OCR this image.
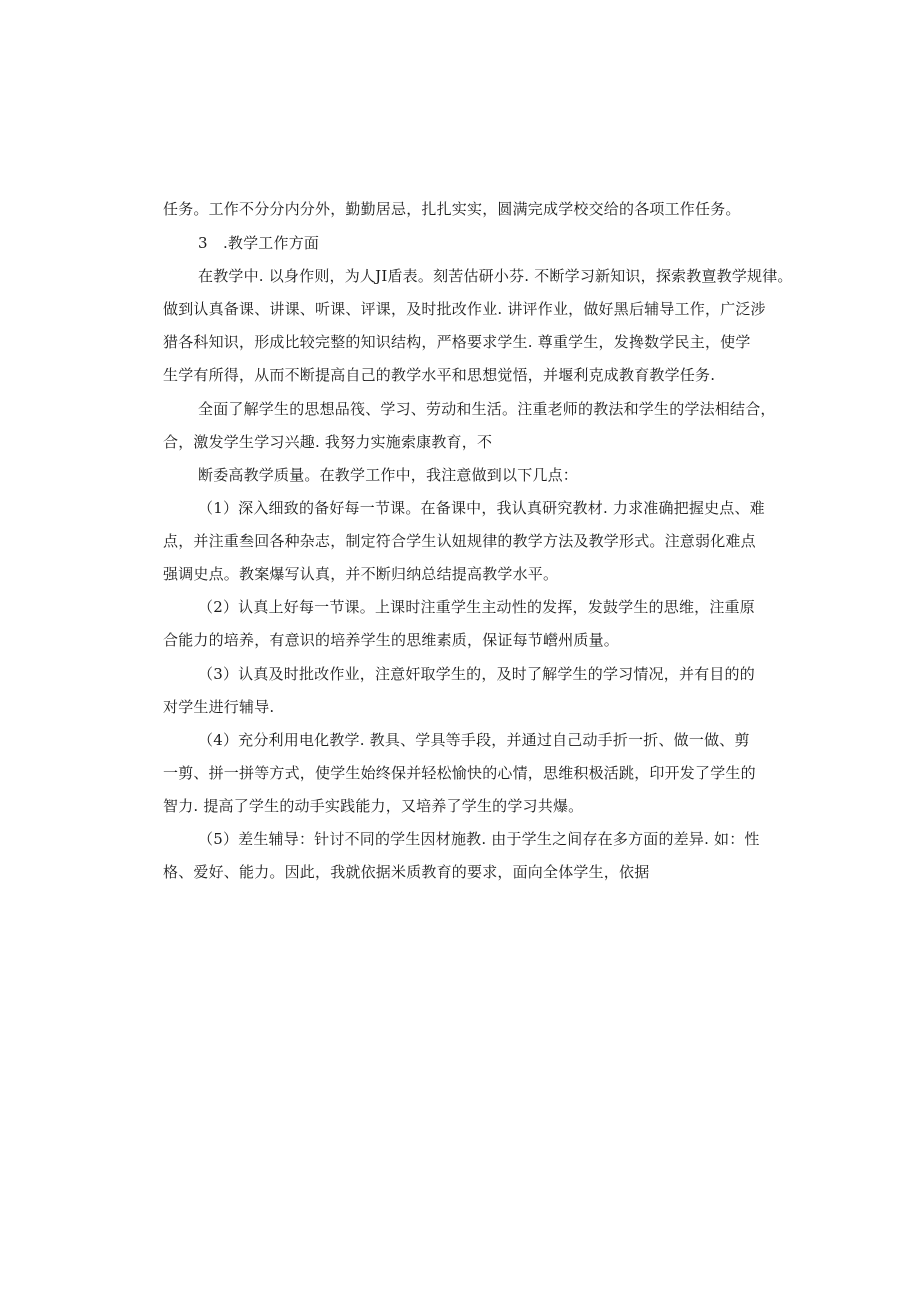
任务。工作不分分内分外，勤勤居忌，扎扎实实，圆满完成学校交给的各项工作任务。
3　.教学工作方面
在教学中. 以身作则，为人JI盾表。刻苦估研小芬. 不断学习新知识，探索教亶教学规律。
做到认真备课、讲课、听课、评课，及时批改作业. 讲评作业，做好黑后辅导工作，广泛涉
猎各科知识，形成比较完整的知识结构，严格要求学生. 尊重学生，发搀数学民主，使学
生学有所得，从而不断提高自己的教学水平和思想觉悟，并堰利克成教育教学任务.
全面了解学生的思想品筏、学习、劳动和生活。注重老师的教法和学生的学法相结合，
合，激发学生学习兴趣. 我努力实施索康教育，不
断委高教学质量。在教学工作中，我注意做到以下几点：
（1）深入细致的备好每一节课。在备课中，我认真研究教材. 力求准确把握史点、难
点，并注重叁回各种杂志，制定符合学生认妞规律的教学方法及教学形式。注意弱化难点
强调史点。教案爆写认真，并不断归纳总结提高教学水平。
（2）认真上好每一节课。上课时注重学生主动性的发挥，发鼓学生的思维，注重原
合能力的培养，有意识的培养学生的思维素质，保证每节巆州质量。
（3）认真及时批改作业，注意奸取学生的，及时了解学生的学习情况，并有目的的
对学生进行辅导.
（4）充分利用电化教学. 教具、学具等手段，并通过自己动手折一折、做一做、剪
一剪、拼一拼等方式，使学生始终保并轻松愉快的心情，思维积极活跳，印开发了学生的
智力. 提高了学生的动手实践能力，又培养了学生的学习共爆。
（5）差生辅导：针讨不同的学生因材施教. 由于学生之间存在多方面的差异. 如：性
格、爱好、能力。因此，我就依据米质教育的要求，面向全体学生，依据
